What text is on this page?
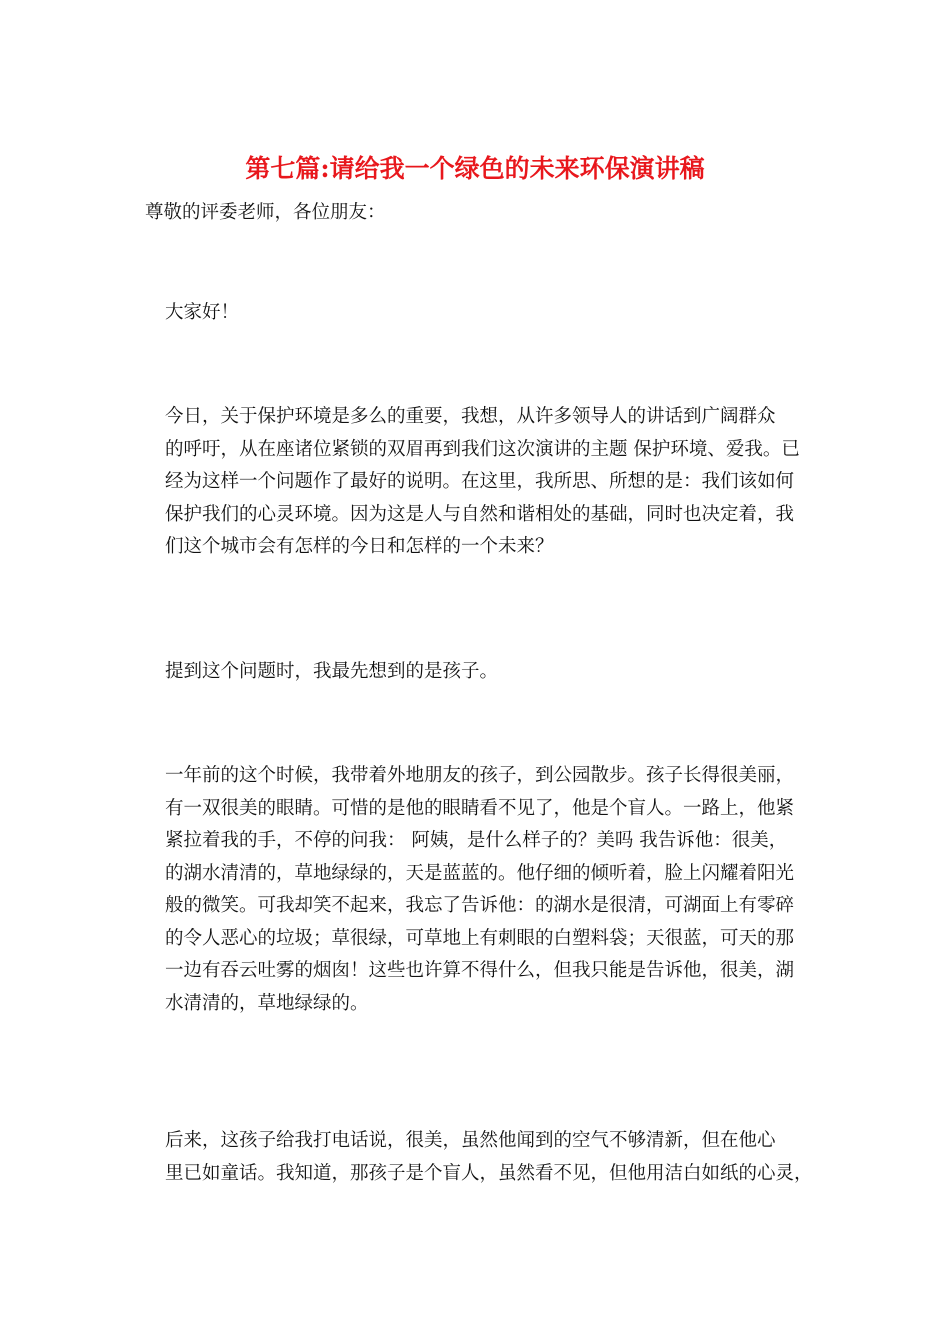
第七篇:请给我一个绿色的未来环保演讲稿

尊敬的评委老师，各位朋友：

大家好！

今日，关于保护环境是多么的重要，我想，从许多领导人的讲话到广阔群众
的呼吁，从在座诸位紧锁的双眉再到我们这次演讲的主题 保护环境、爱我。已
经为这样一个问题作了最好的说明。在这里，我所思、所想的是：我们该如何
保护我们的心灵环境。因为这是人与自然和谐相处的基础，同时也决定着，我
们这个城市会有怎样的今日和怎样的一个未来？

提到这个问题时，我最先想到的是孩子。

一年前的这个时候，我带着外地朋友的孩子，到公园散步。孩子长得很美丽，
有一双很美的眼睛。可惜的是他的眼睛看不见了，他是个盲人。一路上，他紧
紧拉着我的手，不停的问我： 阿姨，是什么样子的？美吗 我告诉他：很美，
的湖水清清的，草地绿绿的，天是蓝蓝的。他仔细的倾听着，脸上闪耀着阳光
般的微笑。可我却笑不起来，我忘了告诉他：的湖水是很清，可湖面上有零碎
的令人恶心的垃圾；草很绿，可草地上有刺眼的白塑料袋；天很蓝，可天的那
一边有吞云吐雾的烟囱！这些也许算不得什么，但我只能是告诉他，很美，湖
水清清的，草地绿绿的。

后来，这孩子给我打电话说，很美，虽然他闻到的空气不够清新，但在他心
里已如童话。我知道，那孩子是个盲人，虽然看不见，但他用洁白如纸的心灵，
